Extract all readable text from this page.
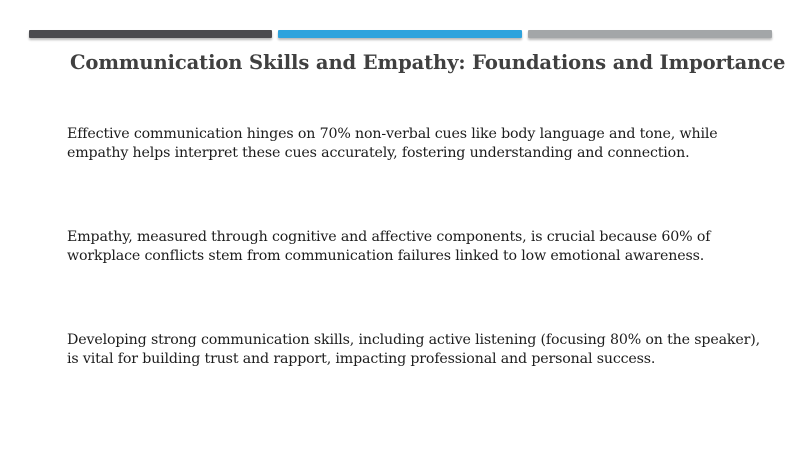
Communication Skills and Empathy: Foundations and Importance

Effective communication hinges on 70% non-verbal cues like body language and tone, while
empathy helps interpret these cues accurately, fostering understanding and connection.

Empathy, measured through cognitive and affective components, is crucial because 60% of
workplace conflicts stem from communication failures linked to low emotional awareness.

Developing strong communication skills, including active listening (focusing 80% on the speaker),
is vital for building trust and rapport, impacting professional and personal success.
